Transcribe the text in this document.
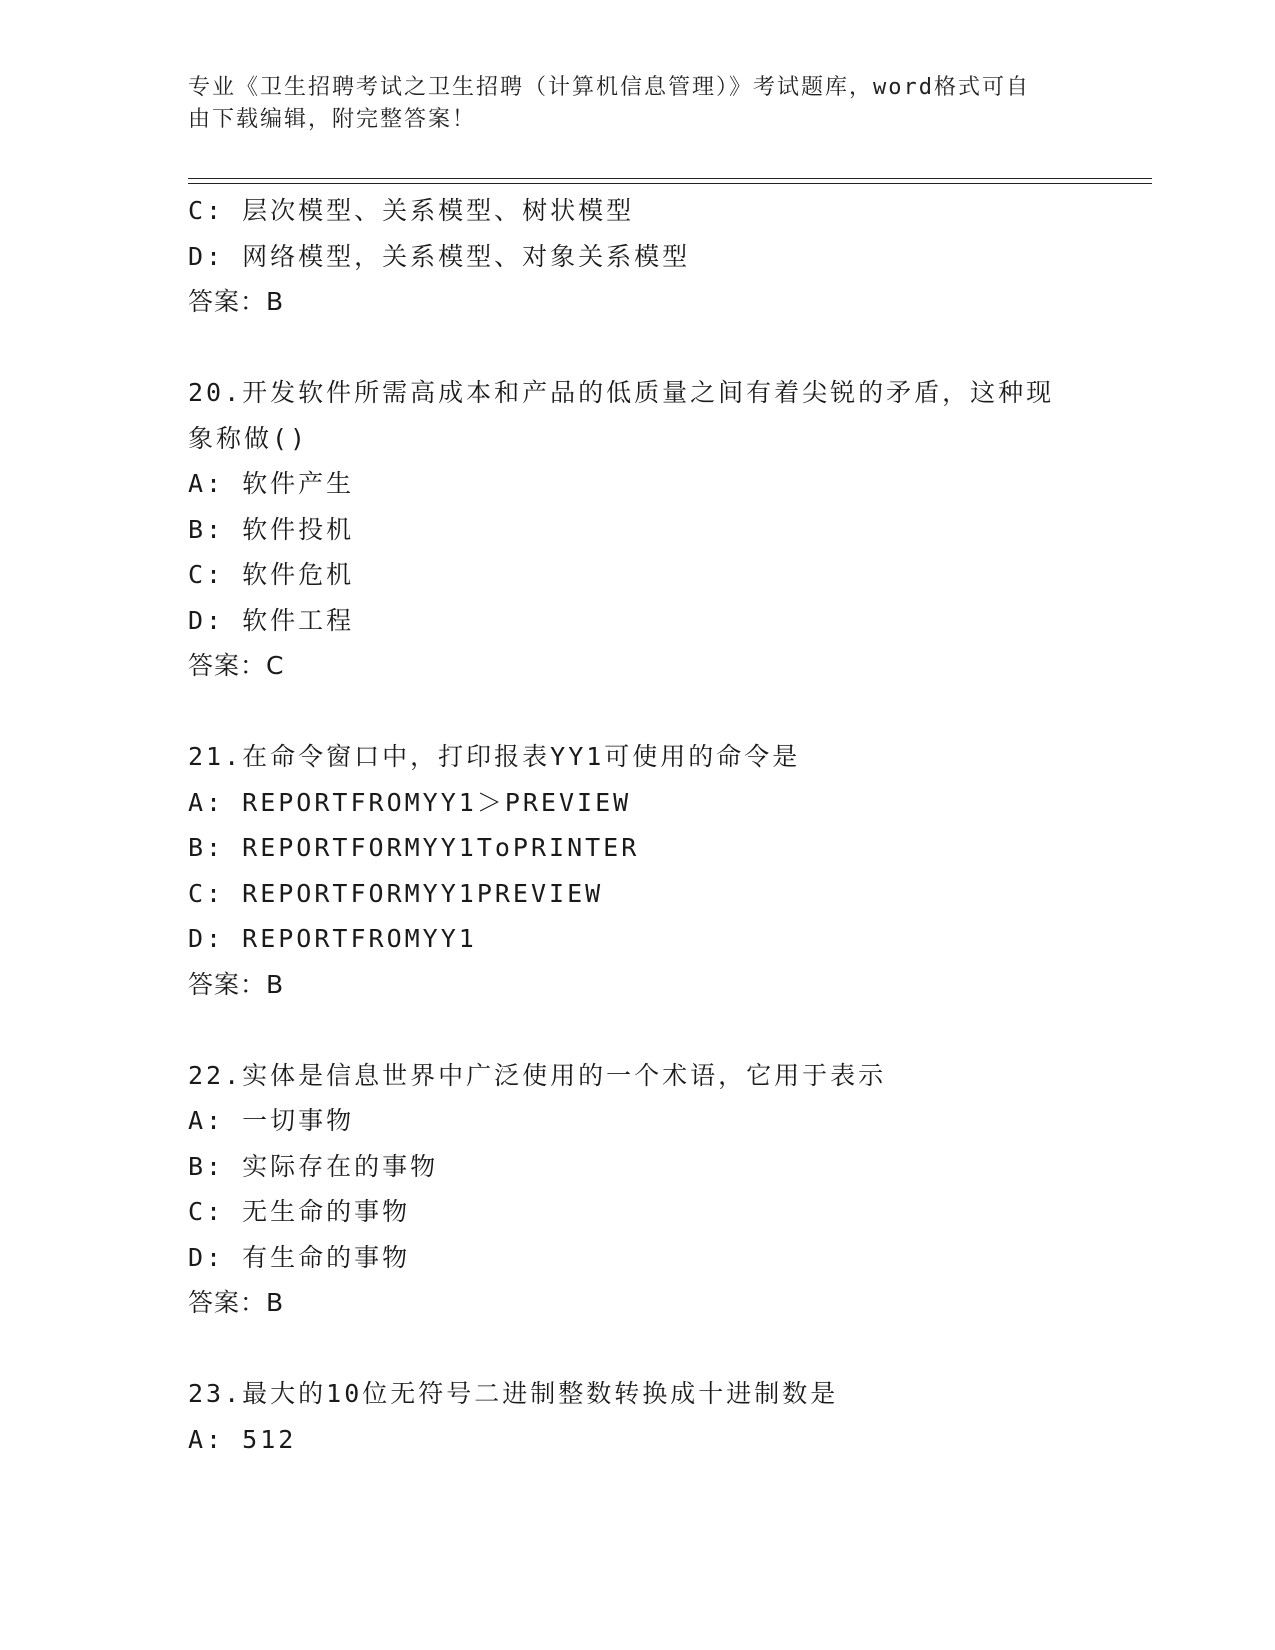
专业《卫生招聘考试之卫生招聘（计算机信息管理）》考试题库，word格式可自
由下载编辑，附完整答案！
C: 层次模型、关系模型、树状模型
D: 网络模型，关系模型、对象关系模型
答案：B
20.开发软件所需高成本和产品的低质量之间有着尖锐的矛盾，这种现
象称做()
A: 软件产生
B: 软件投机
C: 软件危机
D: 软件工程
答案：C
21.在命令窗口中，打印报表YY1可使用的命令是
A: REPORTFROMYY1＞PREVIEW
B: REPORTFORMYY1ToPRINTER
C: REPORTFORMYY1PREVIEW
D: REPORTFROMYY1
答案：B
22.实体是信息世界中广泛使用的一个术语，它用于表示
A: 一切事物
B: 实际存在的事物
C: 无生命的事物
D: 有生命的事物
答案：B
23.最大的10位无符号二进制整数转换成十进制数是
A: 512
